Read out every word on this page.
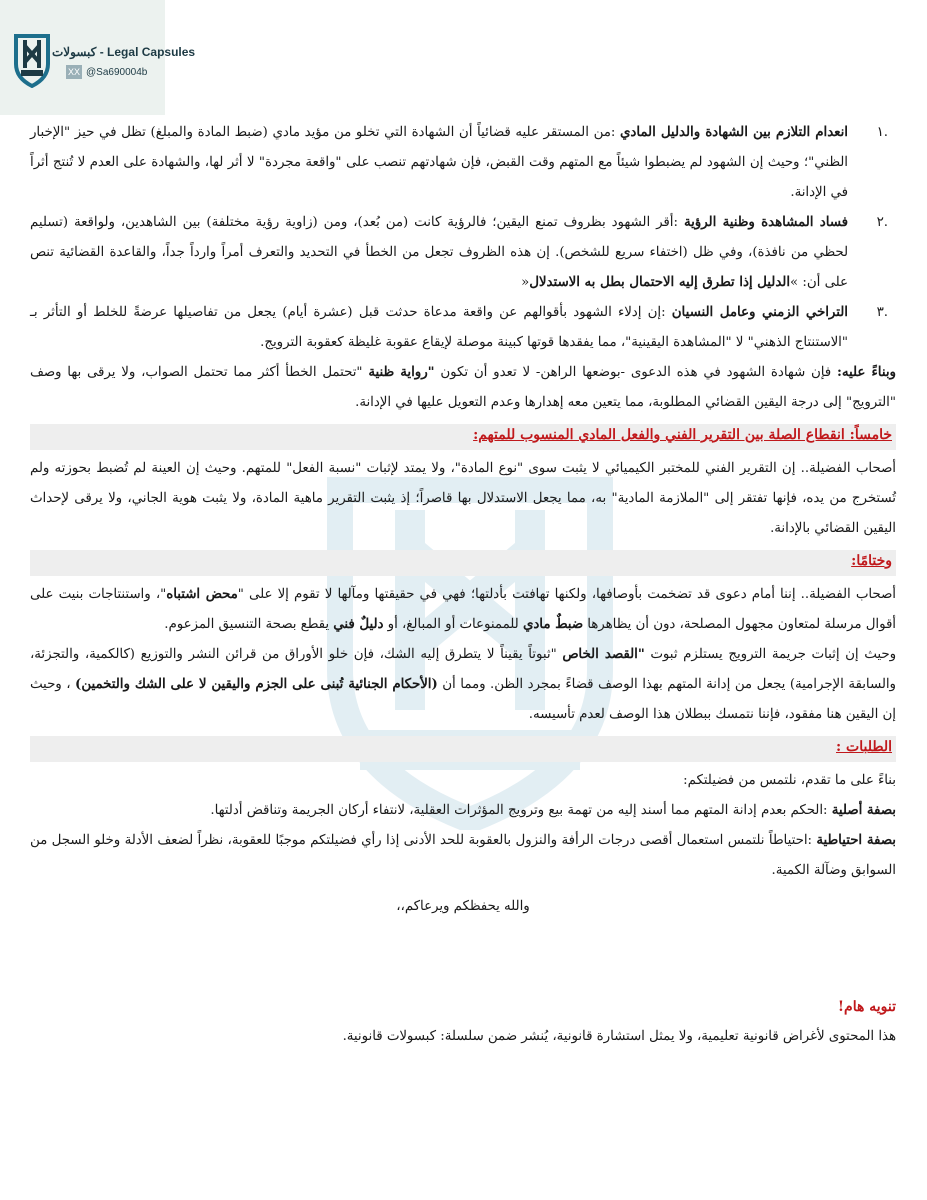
كبسولات - Legal Capsules
XX @Sa690004b

.١
انعدام التلازم بين الشهادة والدليل المادي :من المستقر عليه قضائياً أن الشهادة التي تخلو من مؤيد مادي (ضبط المادة والمبلغ) تظل في حيز "الإخبار الظني"؛ وحيث إن الشهود لم يضبطوا شيئاً مع المتهم وقت القبض، فإن شهادتهم تنصب على "واقعة مجردة" لا أثر لها، والشهادة على العدم لا تُنتج أثراً في الإدانة.

.٢
فساد المشاهدة وظنية الرؤية :أقر الشهود بظروف تمنع اليقين؛ فالرؤية كانت (من بُعد)، ومن (زاوية رؤية مختلفة) بين الشاهدين، ولواقعة (تسليم لحظي من نافذة)، وفي ظل (اختفاء سريع للشخص). إن هذه الظروف تجعل من الخطأ في التحديد والتعرف أمراً وارداً جداً، والقاعدة القضائية تنص على أن: »الدليل إذا تطرق إليه الاحتمال بطل به الاستدلال«

.٣
التراخي الزمني وعامل النسيان :إن إدلاء الشهود بأقوالهم عن واقعة مدعاة حدثت قبل (عشرة أيام) يجعل من تفاصيلها عرضةً للخلط أو التأثر بـ "الاستنتاج الذهني" لا "المشاهدة اليقينية"، مما يفقدها قوتها كبينة موصلة لإيقاع عقوبة غليظة كعقوبة الترويج.

وبناءً عليه: فإن شهادة الشهود في هذه الدعوى -بوضعها الراهن- لا تعدو أن تكون "رواية ظنية "تحتمل الخطأ أكثر مما تحتمل الصواب، ولا يرقى بها وصف "الترويج" إلى درجة اليقين القضائي المطلوبة، مما يتعين معه إهدارها وعدم التعويل عليها في الإدانة.

خامساً: انقطاع الصلة بين التقرير الفني والفعل المادي المنسوب للمتهم:

أصحاب الفضيلة.. إن التقرير الفني للمختبر الكيميائي لا يثبت سوى "نوع المادة"، ولا يمتد لإثبات "نسبة الفعل" للمتهم. وحيث إن العينة لم تُضبط بحوزته ولم تُستخرج من يده، فإنها تفتقر إلى "الملازمة المادية" به، مما يجعل الاستدلال بها قاصراً؛ إذ يثبت التقرير ماهية المادة، ولا يثبت هوية الجاني، ولا يرقى لإحداث اليقين القضائي بالإدانة.

وختامًا:

أصحاب الفضيلة.. إننا أمام دعوى قد تضخمت بأوصافها، ولكنها تهافتت بأدلتها؛ فهي في حقيقتها ومآلها لا تقوم إلا على "محض اشتباه"، واستنتاجات بنيت على أقوال مرسلة لمتعاون مجهول المصلحة، دون أن يظاهرها ضبطٌ مادي للممنوعات أو المبالغ، أو دليلٌ فني يقطع بصحة التنسيق المزعوم.

وحيث إن إثبات جريمة الترويج يستلزم ثبوت "القصد الخاص "ثبوتاً يقيناً لا يتطرق إليه الشك، فإن خلو الأوراق من قرائن النشر والتوزيع (كالكمية، والتجزئة، والسابقة الإجرامية) يجعل من إدانة المتهم بهذا الوصف قضاءً بمجرد الظن. ومما أن (الأحكام الجنائية تُبنى على الجزم واليقين لا على الشك والتخمين) ، وحيث إن اليقين هنا مفقود، فإننا نتمسك ببطلان هذا الوصف لعدم تأسيسه.

الطلبات :

بناءً على ما تقدم، نلتمس من فضيلتكم:

بصفة أصلية :الحكم بعدم إدانة المتهم مما أسند إليه من تهمة بيع وترويج المؤثرات العقلية، لانتفاء أركان الجريمة وتناقض أدلتها.

بصفة احتياطية :احتياطاً نلتمس استعمال أقصى درجات الرأفة والنزول بالعقوبة للحد الأدنى إذا رأي فضيلتكم موجبًا للعقوبة، نظراً لضعف الأدلة وخلو السجل من السوابق وضآلة الكمية.

والله يحفظكم ويرعاكم،،

تنويه هام!

هذا المحتوى لأغراض قانونية تعليمية، ولا يمثل استشارة قانونية، يُنشر ضمن سلسلة: كبسولات قانونية.
